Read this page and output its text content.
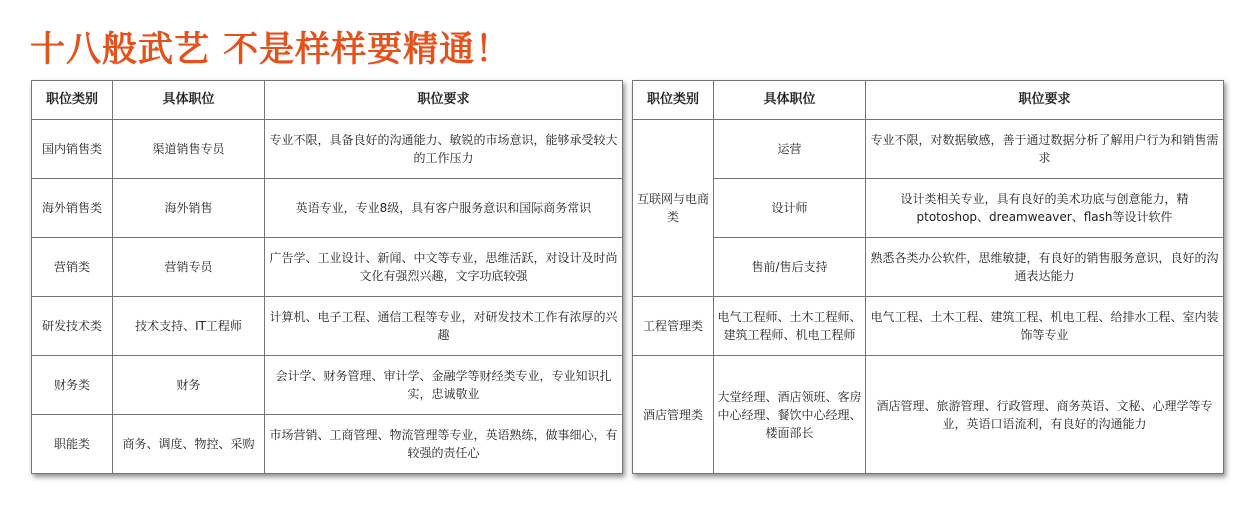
十八般武艺 不是样样要精通！
职位类别	具体职位	职位要求
国内销售类	渠道销售专员	专业不限，具备良好的沟通能力、敏锐的市场意识，能够承受较大的工作压力
海外销售类	海外销售	英语专业，专业8级，具有客户服务意识和国际商务常识
营销类	营销专员	广告学、工业设计、新闻、中文等专业，思维活跃，对设计及时尚文化有强烈兴趣，文字功底较强
研发技术类	技术支持、IT工程师	计算机、电子工程、通信工程等专业，对研发技术工作有浓厚的兴趣
财务类	财务	会计学、财务管理、审计学、金融学等财经类专业，专业知识扎实，忠诚敬业
职能类	商务、调度、物控、采购	市场营销、工商管理、物流管理等专业，英语熟练，做事细心，有较强的责任心
职位类别	具体职位	职位要求
互联网与电商类	运营	专业不限，对数据敏感，善于通过数据分析了解用户行为和销售需求
	设计师	设计类相关专业，具有良好的美术功底与创意能力，精ptotoshop、dreamweaver、flash等设计软件
	售前/售后支持	熟悉各类办公软件，思维敏捷，有良好的销售服务意识，良好的沟通表达能力
工程管理类	电气工程师、土木工程师、建筑工程师、机电工程师	电气工程、土木工程、建筑工程、机电工程、给排水工程、室内装饰等专业
酒店管理类	大堂经理、酒店领班、客房中心经理、餐饮中心经理、楼面部长	酒店管理、旅游管理、行政管理、商务英语、文秘、心理学等专业，英语口语流利，有良好的沟通能力
